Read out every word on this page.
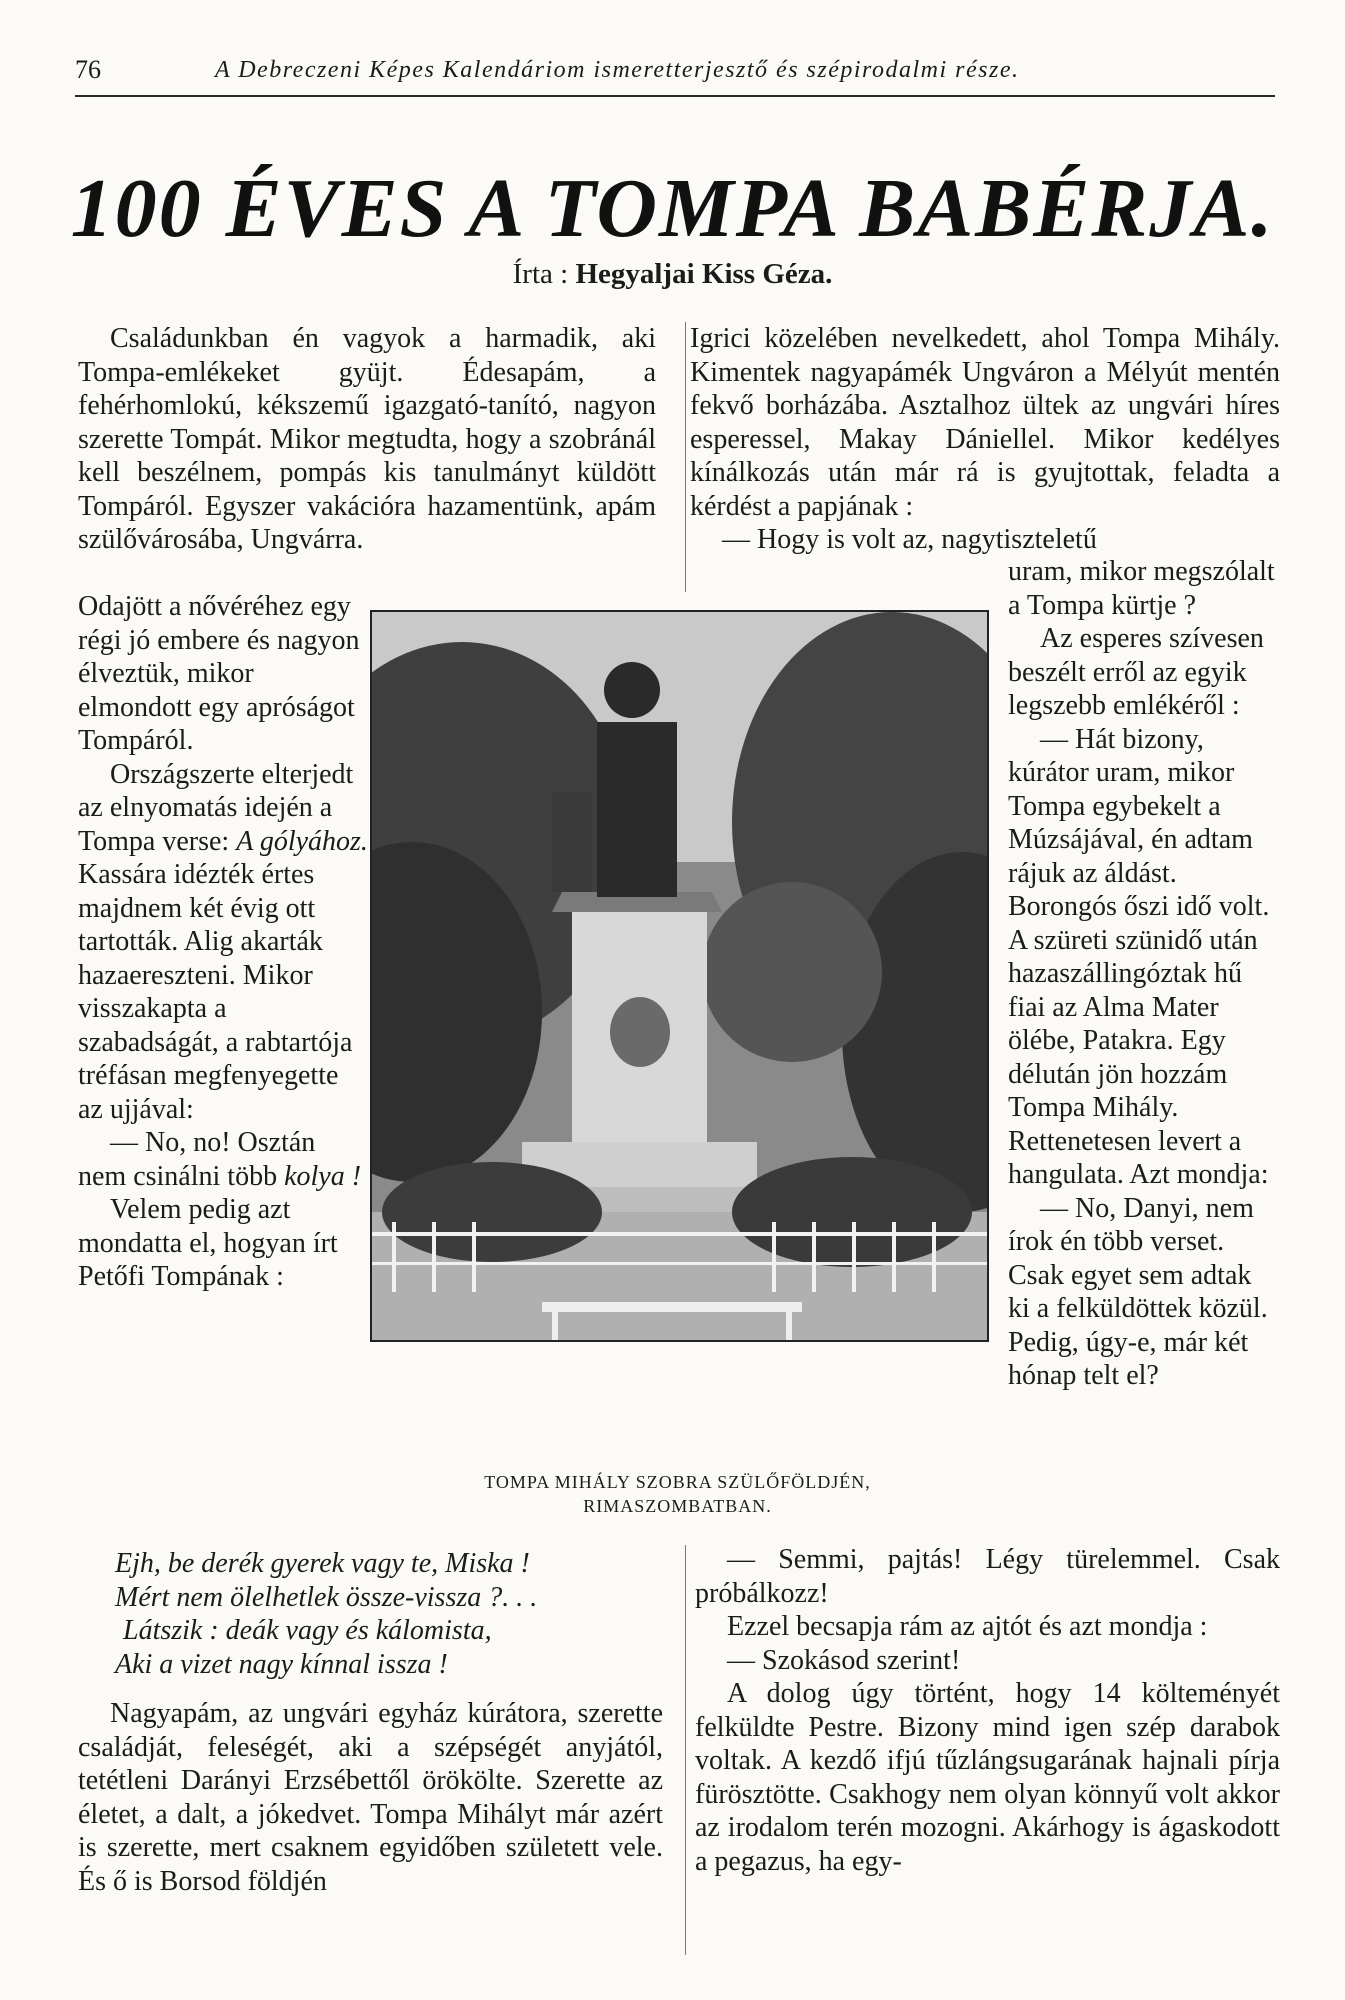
76	A Debreczeni Képes Kalendáriom ismeretterjesztő és szépirodalmi része.
100 ÉVES A TOMPA BABÉRJA.
Írta : Hegyaljai Kiss Géza.

Családunkban én vagyok a harmadik, aki Tompa-emlékeket gyüjt. Édesapám, a fehérhomlokú, kékszemű igazgató-tanító, nagyon szerette Tompát. Mikor megtudta, hogy a szobránál kell beszélnem, pompás kis tanulmányt küldött Tompáról. Egyszer vakációra hazamentünk, apám szülővárosába, Ungvárra.

Odajött a nővéréhez egy régi jó embere és nagyon élveztük, mikor elmondott egy apróságot Tompáról.

Országszerte elterjedt az elnyomatás idején a Tompa verse: A gólyához. Kassára idézték értes majdnem két évig ott tartották. Alig akarták hazaereszteni. Mikor visszakapta a szabadságát, a rabtartója tréfásan megfenyegette az ujjával:

— No, no! Osztán nem csinálni több kolya !

Velem pedig azt mondatta el, hogyan írt Petőfi Tompának :

TOMPA MIHÁLY SZOBRA SZÜLŐFÖLDJÉN,
RIMASZOMBATBAN.
Ejh, be derék gyerek vagy te, Miska !
Mért nem ölelhetlek össze-vissza ?. . .
Látszik : deák vagy és kálomista,
Aki a vizet nagy kínnal issza !

Nagyapám, az ungvári egyház kúrátora, szerette családját, feleségét, aki a szépségét anyjától, tetétleni Darányi Erzsébettől örökölte. Szerette az életet, a dalt, a jókedvet. Tompa Mihályt már azért is szerette, mert csaknem egyidőben született vele. És ő is Borsod földjén

Igrici közelében nevelkedett, ahol Tompa Mihály. Kimentek nagyapámék Ungváron a Mélyút mentén fekvő borházába. Asztalhoz ültek az ungvári híres esperessel, Makay Dániellel. Mikor kedélyes kínálkozás után már rá is gyujtottak, feladta a kérdést a papjának :

— Hogy is volt az, nagytiszteletű

uram, mikor megszólalt a Tompa kürtje ?

Az esperes szívesen beszélt erről az egyik legszebb emlékéről :

— Hát bizony, kúrátor uram, mikor Tompa egybekelt a Múzsájával, én adtam rájuk az áldást. Borongós őszi idő volt. A szüreti szünidő után hazaszállingóztak hű fiai az Alma Mater ölébe, Patakra. Egy délután jön hozzám Tompa Mihály. Rettenetesen levert a hangulata. Azt mondja:

— No, Danyi, nem írok én több verset. Csak egyet sem adtak ki a felküldöttek közül. Pedig, úgy-e, már két hónap telt el?

— Semmi, pajtás! Légy türelemmel. Csak próbálkozz!

Ezzel becsapja rám az ajtót és azt mondja :

— Szokásod szerint!

A dolog úgy történt, hogy 14 költeményét felküldte Pestre. Bizony mind igen szép darabok voltak. A kezdő ifjú tűzlángsugarának hajnali pírja fürösztötte. Csakhogy nem olyan könnyű volt akkor az irodalom terén mozogni. Akárhogy is ágaskodott a pegazus, ha egy-
